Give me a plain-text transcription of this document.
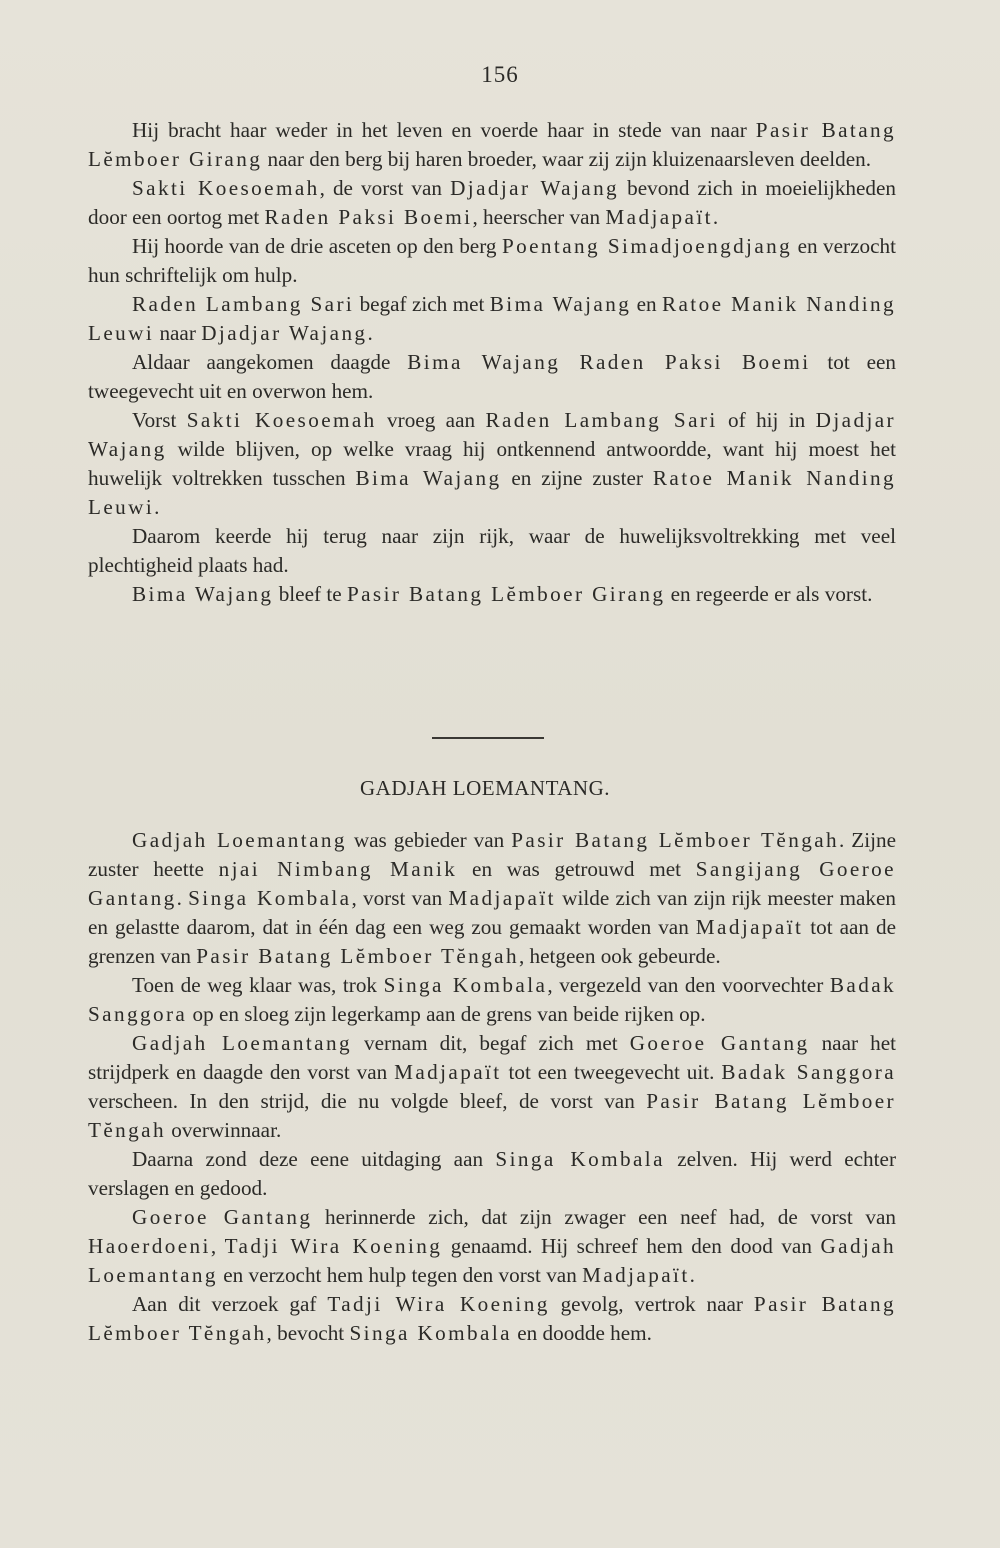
156

Hij bracht haar weder in het leven en voerde haar in stede van naar Pasir Batang Lĕmboer Girang naar den berg bij haren broeder, waar zij zijn kluizenaarsleven deelden.

Sakti Koesoemah, de vorst van Djadjar Wajang bevond zich in moeielijkheden door een oortog met Raden Paksi Boemi, heerscher van Madjapaït.

Hij hoorde van de drie asceten op den berg Poentang Simadjoengdjang en verzocht hun schriftelijk om hulp.

Raden Lambang Sari begaf zich met Bima Wajang en Ratoe Manik Nanding Leuwi naar Djadjar Wajang.

Aldaar aangekomen daagde Bima Wajang Raden Paksi Boemi tot een tweegevecht uit en overwon hem.

Vorst Sakti Koesoemah vroeg aan Raden Lambang Sari of hij in Djadjar Wajang wilde blijven, op welke vraag hij ontkennend antwoordde, want hij moest het huwelijk voltrekken tusschen Bima Wajang en zijne zuster Ratoe Manik Nanding Leuwi.

Daarom keerde hij terug naar zijn rijk, waar de huwelijksvoltrekking met veel plechtigheid plaats had.

Bima Wajang bleef te Pasir Batang Lĕmboer Girang en regeerde er als vorst.

GADJAH LOEMANTANG.

Gadjah Loemantang was gebieder van Pasir Batang Lĕmboer Tĕngah. Zijne zuster heette njai Nimbang Manik en was getrouwd met Sangijang Goeroe Gantang. Singa Kombala, vorst van Madjapaït wilde zich van zijn rijk meester maken en gelastte daarom, dat in één dag een weg zou gemaakt worden van Madjapaït tot aan de grenzen van Pasir Batang Lĕmboer Tĕngah, hetgeen ook gebeurde.

Toen de weg klaar was, trok Singa Kombala, vergezeld van den voorvechter Badak Sanggora op en sloeg zijn legerkamp aan de grens van beide rijken op.

Gadjah Loemantang vernam dit, begaf zich met Goeroe Gantang naar het strijdperk en daagde den vorst van Madjapaït tot een tweegevecht uit. Badak Sanggora verscheen. In den strijd, die nu volgde bleef, de vorst van Pasir Batang Lĕmboer Tĕngah overwinnaar.

Daarna zond deze eene uitdaging aan Singa Kombala zelven. Hij werd echter verslagen en gedood.

Goeroe Gantang herinnerde zich, dat zijn zwager een neef had, de vorst van Haoerdoeni, Tadji Wira Koening genaamd. Hij schreef hem den dood van Gadjah Loemantang en verzocht hem hulp tegen den vorst van Madjapaït.

Aan dit verzoek gaf Tadji Wira Koening gevolg, vertrok naar Pasir Batang Lĕmboer Tĕngah, bevocht Singa Kombala en doodde hem.
